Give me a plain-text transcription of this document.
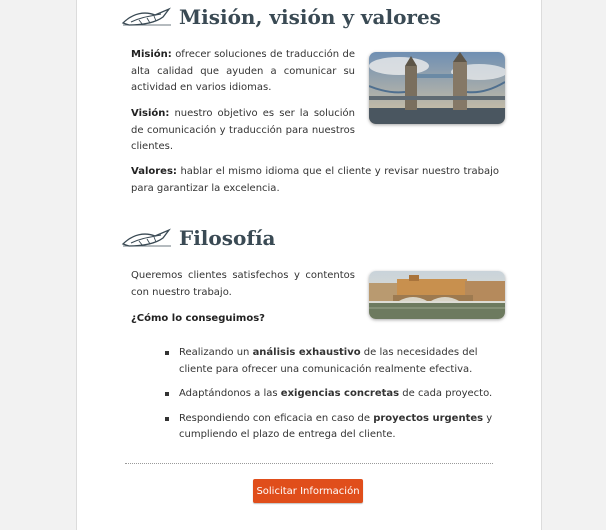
Misión, visión y valores

Misión: ofrecer soluciones de traducción de alta calidad que ayuden a comunicar su actividad en varios idiomas.

Visión: nuestro objetivo es ser la solución de comunicación y traducción para nuestros clientes.

Valores: hablar el mismo idioma que el cliente y revisar nuestro trabajo para garantizar la excelencia.

Filosofía

Queremos clientes satisfechos y contentos con nuestro trabajo.

¿Cómo lo conseguimos?

Realizando un análisis exhaustivo de las necesidades del cliente para ofrecer una comunicación realmente efectiva.
Adaptándonos a las exigencias concretas de cada proyecto.
Respondiendo con eficacia en caso de proyectos urgentes y cumpliendo el plazo de entrega del cliente.
Solicitar Información
